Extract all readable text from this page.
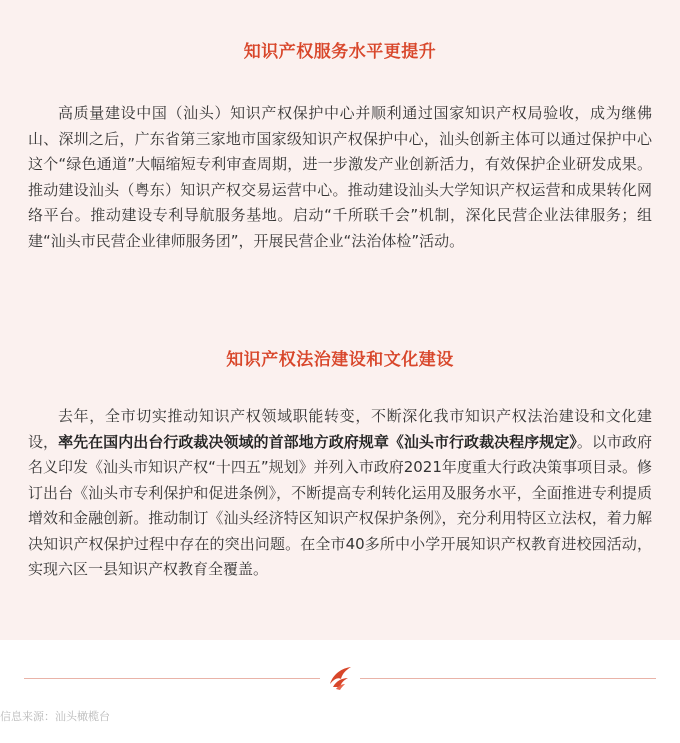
知识产权服务水平更提升

高质量建设中国（汕头）知识产权保护中心并顺利通过国家知识产权局验收，成为继佛山、深圳之后，广东省第三家地市国家级知识产权保护中心，汕头创新主体可以通过保护中心这个“绿色通道”大幅缩短专利审查周期，进一步激发产业创新活力，有效保护企业研发成果。推动建设汕头（粤东）知识产权交易运营中心。推动建设汕头大学知识产权运营和成果转化网络平台。推动建设专利导航服务基地。启动“千所联千会”机制，深化民营企业法律服务；组建“汕头市民营企业律师服务团”，开展民营企业“法治体检”活动。

知识产权法治建设和文化建设

去年，全市切实推动知识产权领域职能转变，不断深化我市知识产权法治建设和文化建设，率先在国内出台行政裁决领域的首部地方政府规章《汕头市行政裁决程序规定》。以市政府名义印发《汕头市知识产权“十四五”规划》并列入市政府2021年度重大行政决策事项目录。修订出台《汕头市专利保护和促进条例》，不断提高专利转化运用及服务水平，全面推进专利提质增效和金融创新。推动制订《汕头经济特区知识产权保护条例》，充分利用特区立法权，着力解决知识产权保护过程中存在的突出问题。在全市40多所中小学开展知识产权教育进校园活动，实现六区一县知识产权教育全覆盖。

信息来源：汕头橄榄台
